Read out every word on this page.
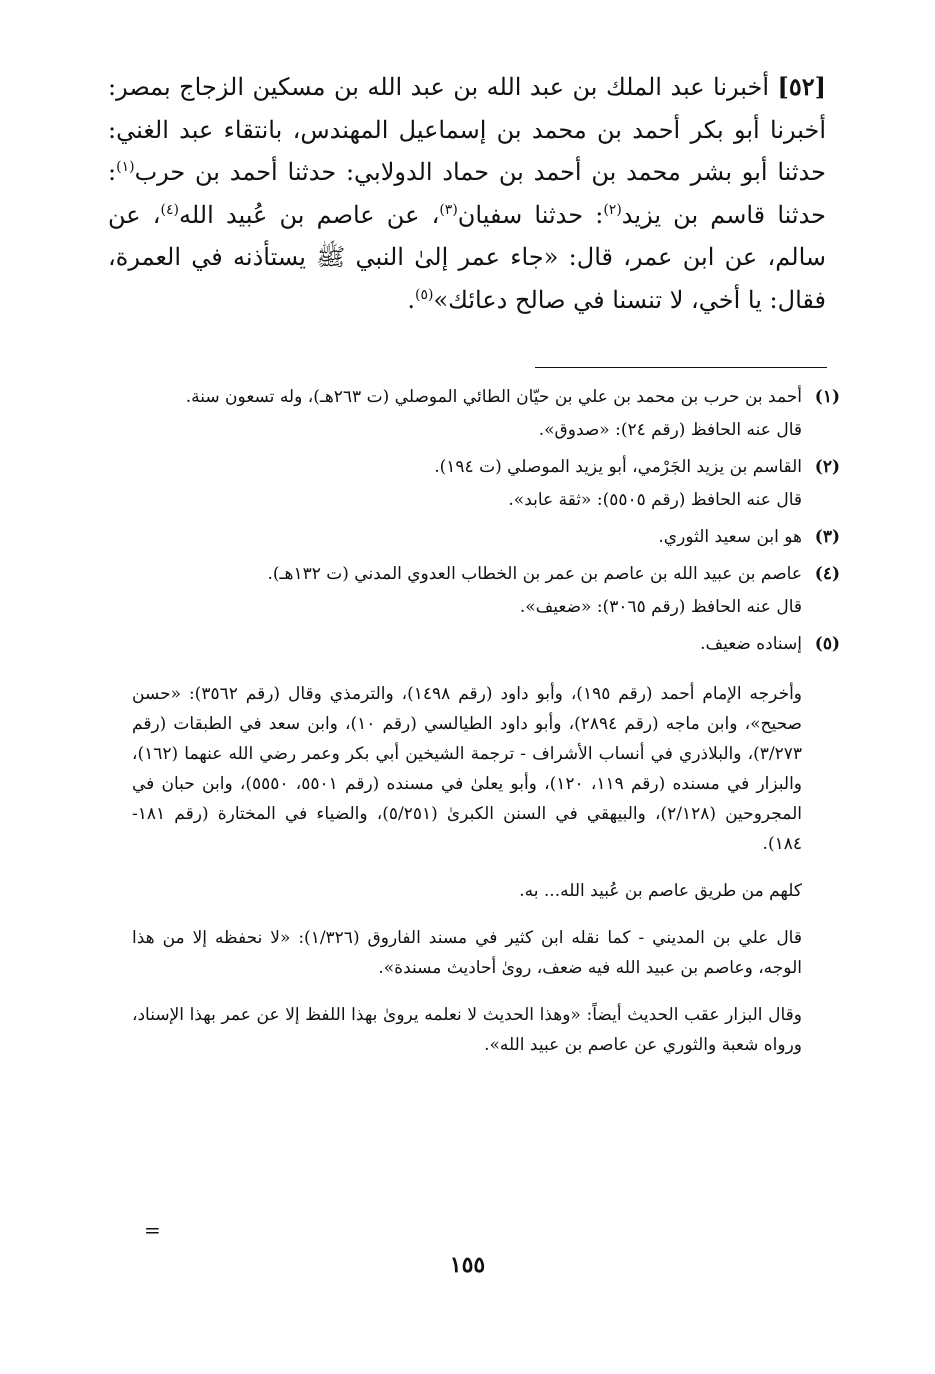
[٥٢] أخبرنا عبد الملك بن عبد الله بن عبد الله بن مسكين الزجاج بمصر: أخبرنا أبو بكر أحمد بن محمد بن إسماعيل المهندس، بانتقاء عبد الغني: حدثنا أبو بشر محمد بن أحمد بن حماد الدولابي: حدثنا أحمد بن حرب$^{(١)}$: حدثنا قاسم بن يزيد$^{(٢)}$: حدثنا سفيان$^{(٣)}$، عن عاصم بن عُبيد الله$^{(٤)}$، عن سالم، عن ابن عمر، قال: «جاء عمر إلىٰ النبي ﷺ يستأذنه في العمرة، فقال: يا أخي، لا تنسنا في صالح دعائك»$^{(٥)}$.

(١)

أحمد بن حرب بن محمد بن علي بن حيّان الطائي الموصلي (ت ٢٦٣هـ)، وله تسعون سنة.

قال عنه الحافظ (رقم ٢٤): «صدوق».

(٢)

القاسم بن يزيد الجَرْمي، أبو يزيد الموصلي (ت ١٩٤).

قال عنه الحافظ (رقم ٥٥٠٥): «ثقة عابد».

(٣)

هو ابن سعيد الثوري.

(٤)

عاصم بن عبيد الله بن عاصم بن عمر بن الخطاب العدوي المدني (ت ١٣٢هـ).

قال عنه الحافظ (رقم ٣٠٦٥): «ضعيف».

(٥)

إسناده ضعيف.

وأخرجه الإمام أحمد (رقم ١٩٥)، وأبو داود (رقم ١٤٩٨)، والترمذي وقال (رقم ٣٥٦٢): «حسن صحيح»، وابن ماجه (رقم ٢٨٩٤)، وأبو داود الطيالسي (رقم ١٠)، وابن سعد في الطبقات (رقم ٣/٢٧٣)، والبلاذري في أنساب الأشراف - ترجمة الشيخين أبي بكر وعمر رضي الله عنهما (١٦٢)، والبزار في مسنده (رقم ١١٩، ١٢٠)، وأبو يعلىٰ في مسنده (رقم ٥٥٠١، ٥٥٥٠)، وابن حبان في المجروحين (٢/١٢٨)، والبيهقي في السنن الكبرىٰ (٥/٢٥١)، والضياء في المختارة (رقم ١٨١- ١٨٤).

كلهم من طريق عاصم بن عُبيد الله... به.

قال علي بن المديني - كما نقله ابن كثير في مسند الفاروق (١/٣٢٦): «لا نحفظه إلا من هذا الوجه، وعاصم بن عبيد الله فيه ضعف، روىٰ أحاديث مسندة».

وقال البزار عقب الحديث أيضاً: «وهذا الحديث لا نعلمه يروىٰ بهذا اللفظ إلا عن عمر بهذا الإسناد، ورواه شعبة والثوري عن عاصم بن عبيد الله».

=
١٥٥
